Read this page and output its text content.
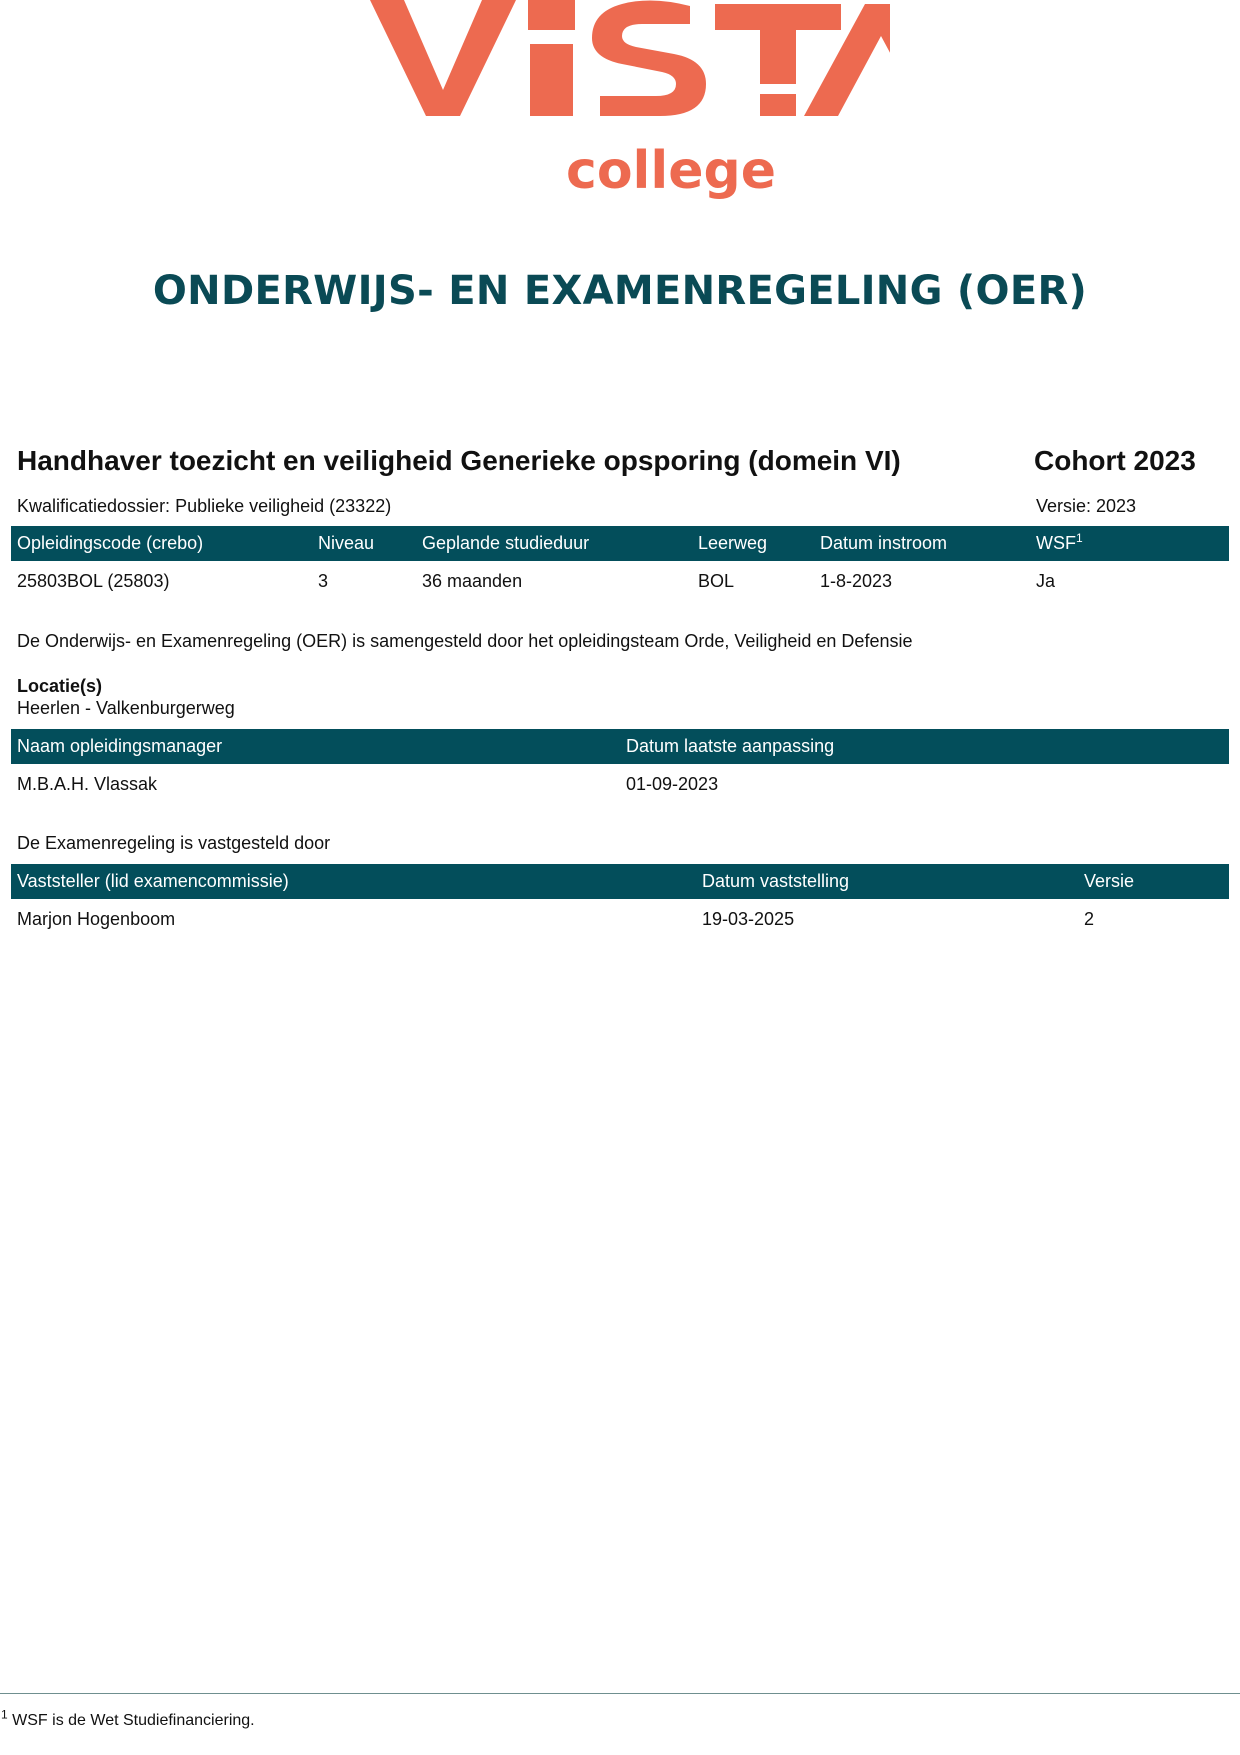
college
ONDERWIJS- EN EXAMENREGELING (OER)
Handhaver toezicht en veiligheid Generieke opsporing (domein VI)	Cohort 2023
Kwalificatiedossier: Publieke veiligheid (23322)	Versie: 2023
Opleidingscode (crebo)	Niveau	Geplande studieduur	Leerweg	Datum instroom	WSF$^1$
25803BOL (25803)	3	36 maanden	BOL	1-8-2023	Ja
De Onderwijs- en Examenregeling (OER) is samengesteld door het opleidingsteam Orde, Veiligheid en Defensie
Locatie(s)
Heerlen - Valkenburgerweg
Naam opleidingsmanager	Datum laatste aanpassing
M.B.A.H. Vlassak	01-09-2023
De Examenregeling is vastgesteld door
Vaststeller (lid examencommissie)	Datum vaststelling	Versie
Marjon Hogenboom	19-03-2025	2
$^1$ WSF is de Wet Studiefinanciering.
